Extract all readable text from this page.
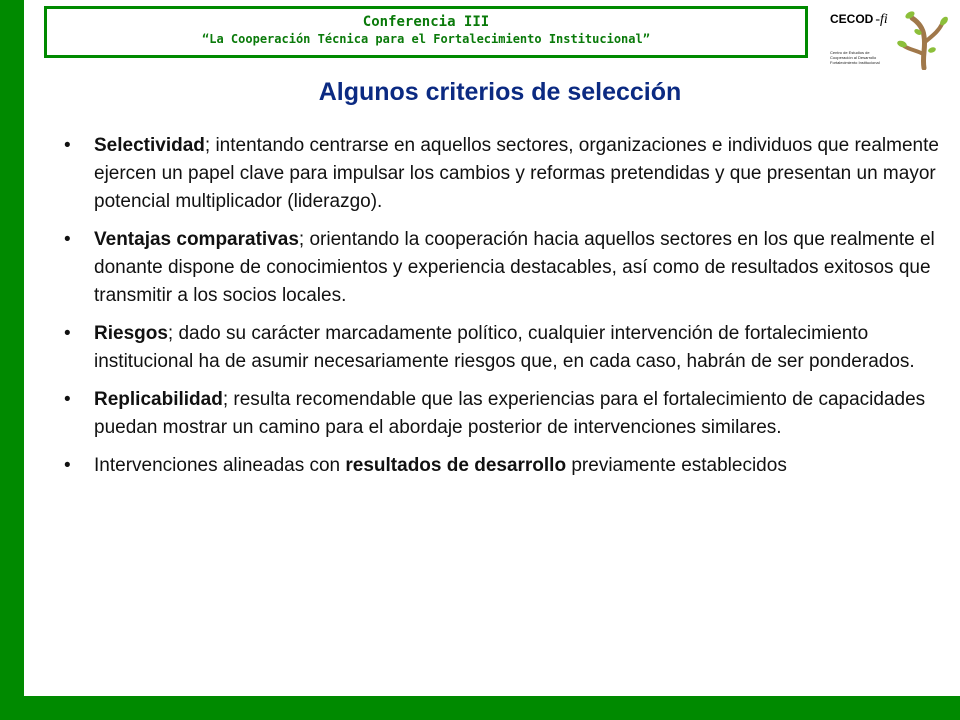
Conferencia III
“La Cooperación Técnica para el Fortalecimiento Institucional”
CECOD -fi
Centro de Estudios de Cooperación al Desarrollo Fortalecimiento Institucional
Algunos criterios de selección
• Selectividad; intentando centrarse en aquellos sectores, organizaciones e individuos que realmente ejercen un papel clave para impulsar los cambios y reformas pretendidas y que presentan un mayor potencial multiplicador (liderazgo).
• Ventajas comparativas; orientando la cooperación hacia aquellos sectores en los que realmente el donante dispone de conocimientos y experiencia destacables, así como de resultados exitosos que transmitir a los socios locales.
• Riesgos; dado su carácter marcadamente político, cualquier intervención de fortalecimiento institucional ha de asumir necesariamente riesgos que, en cada caso, habrán de ser ponderados.
• Replicabilidad; resulta recomendable que las experiencias para el fortalecimiento de capacidades puedan mostrar un camino para el abordaje posterior de intervenciones similares.
• Intervenciones alineadas con resultados de desarrollo previamente establecidos
